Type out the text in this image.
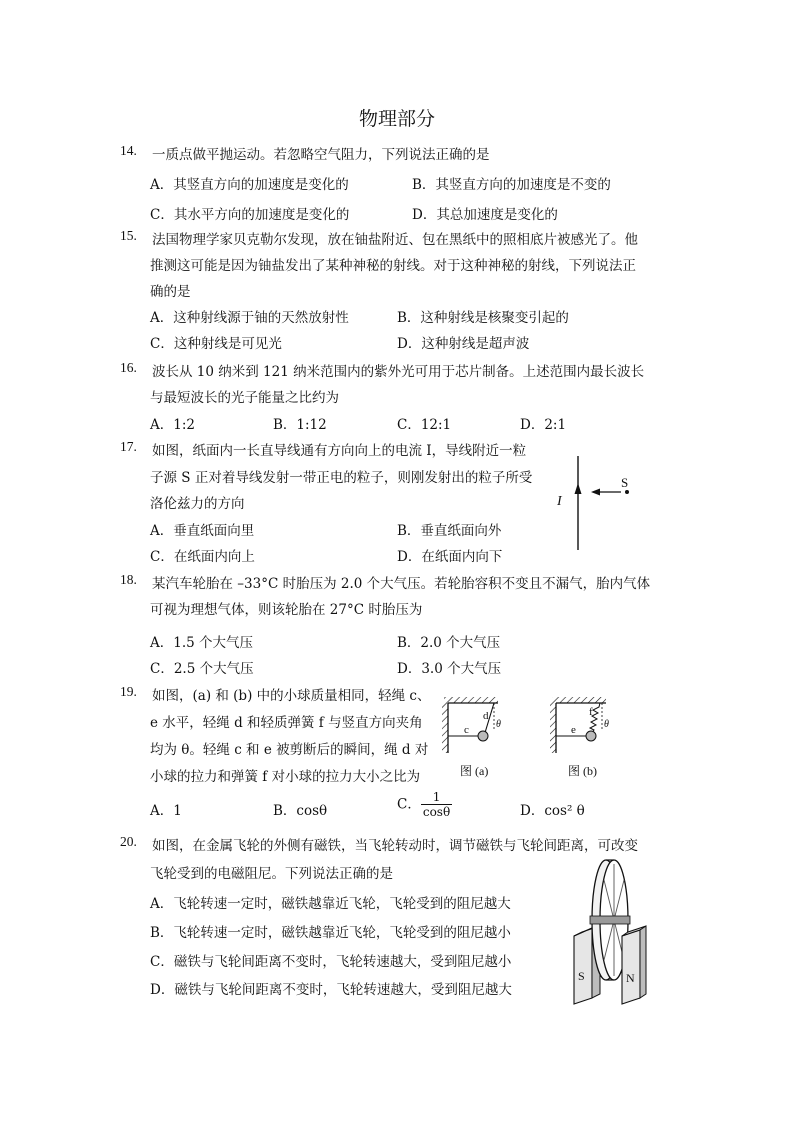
物理部分
14. 一质点做平抛运动。若忽略空气阻力，下列说法正确的是
A．其竖直方向的加速度是变化的	B．其竖直方向的加速度是不变的
C．其水平方向的加速度是变化的	D．其总加速度是变化的
15. 法国物理学家贝克勒尔发现，放在铀盐附近、包在黑纸中的照相底片被感光了。他
推测这可能是因为铀盐发出了某种神秘的射线。对于这种神秘的射线，下列说法正
确的是
A．这种射线源于铀的天然放射性	B．这种射线是核聚变引起的
C．这种射线是可见光	D．这种射线是超声波
16. 波长从 10 纳米到 121 纳米范围内的紫外光可用于芯片制备。上述范围内最长波长
与最短波长的光子能量之比约为
A．1:2	B．1:12	C．12:1	D．2:1
17. 如图，纸面内一长直导线通有方向向上的电流 I，导线附近一粒
子源 S 正对着导线发射一带正电的粒子，则刚发射出的粒子所受
洛伦兹力的方向
A．垂直纸面向里	B．垂直纸面向外
C．在纸面内向上	D．在纸面内向下
I
S
18. 某汽车轮胎在 –33°C 时胎压为 2.0 个大气压。若轮胎容积不变且不漏气，胎内气体
可视为理想气体，则该轮胎在 27°C 时胎压为
A．1.5 个大气压	B．2.0 个大气压
C．2.5 个大气压	D．3.0 个大气压
19. 如图，(a) 和 (b) 中的小球质量相同，轻绳 c、
e 水平，轻绳 d 和轻质弹簧 f 与竖直方向夹角
均为 θ。轻绳 c 和 e 被剪断后的瞬间，绳 d 对
小球的拉力和弹簧 f 对小球的拉力大小之比为
A．1	B．cosθ	C． $\frac{1}{\cos\theta}$	D．cos² θ
c
d
θ
图 (a)
e
f
θ
图 (b)
20. 如图，在金属飞轮的外侧有磁铁，当飞轮转动时，调节磁铁与飞轮间距离，可改变
飞轮受到的电磁阻尼。下列说法正确的是
A．飞轮转速一定时，磁铁越靠近飞轮，飞轮受到的阻尼越大
B．飞轮转速一定时，磁铁越靠近飞轮，飞轮受到的阻尼越小
C．磁铁与飞轮间距离不变时，飞轮转速越大，受到阻尼越小
D．磁铁与飞轮间距离不变时，飞轮转速越大，受到阻尼越大
S	N
